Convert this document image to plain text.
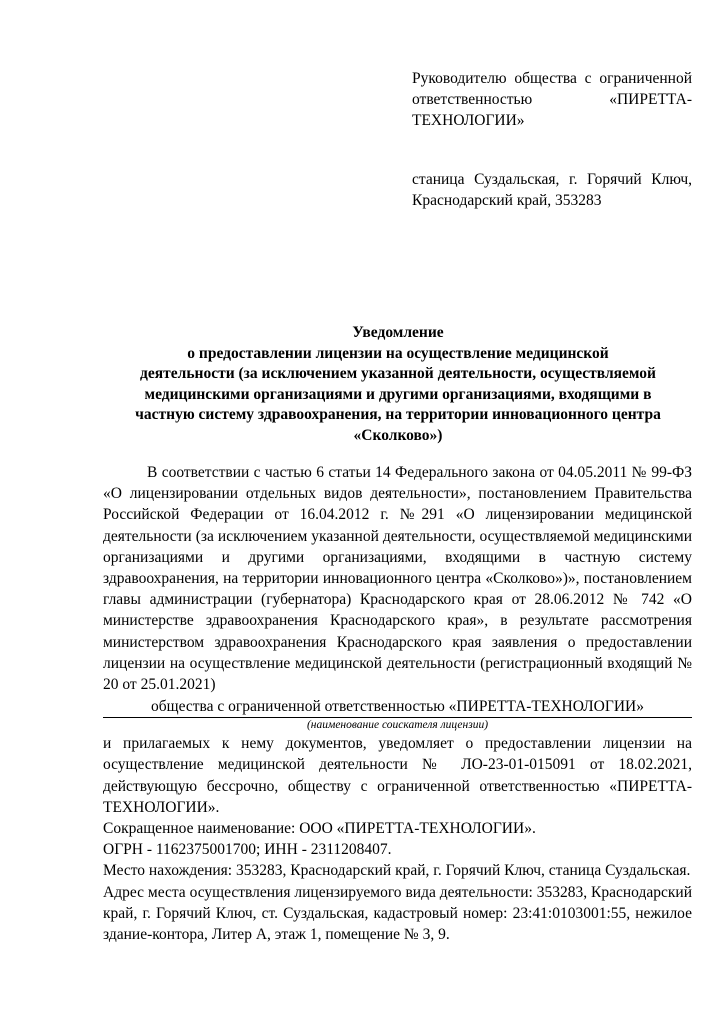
Руководителю общества с ограниченной ответственностью «ПИРЕТТА-ТЕХНОЛОГИИ»
станица Суздальская, г. Горячий Ключ, Краснодарский край, 353283
Уведомление
о предоставлении лицензии на осуществление медицинской
деятельности (за исключением указанной деятельности, осуществляемой
медицинскими организациями и другими организациями, входящими в
частную систему здравоохранения, на территории инновационного центра
«Сколково»)

В соответствии с частью 6 статьи 14 Федерального закона от 04.05.2011 № 99-ФЗ «О лицензировании отдельных видов деятельности», постановлением Правительства Российской Федерации от 16.04.2012 г. №291 «О лицензировании медицинской деятельности (за исключением указанной деятельности, осуществляемой медицинскими организациями и другими организациями, входящими в частную систему здравоохранения, на территории инновационного центра «Сколково»)», постановлением главы администрации (губернатора) Краснодарского края от 28.06.2012 № 742 «О министерстве здравоохранения Краснодарского края», в результате рассмотрения министерством здравоохранения Краснодарского края заявления о предоставлении лицензии на осуществление медицинской деятельности (регистрационный входящий № 20 от 25.01.2021)

общества с ограниченной ответственностью «ПИРЕТТА-ТЕХНОЛОГИИ»
(наименование соискателя лицензии)

и прилагаемых к нему документов, уведомляет о предоставлении лицензии на осуществление медицинской деятельности № ЛО-23-01-015091 от 18.02.2021, действующую бессрочно, обществу с ограниченной ответственностью «ПИРЕТТА-ТЕХНОЛОГИИ».

Сокращенное наименование: ООО «ПИРЕТТА-ТЕХНОЛОГИИ».

ОГРН - 1162375001700; ИНН - 2311208407.

Место нахождения: 353283, Краснодарский край, г. Горячий Ключ, станица Суздальская.

Адрес места осуществления лицензируемого вида деятельности: 353283, Краснодарский край, г. Горячий Ключ, ст. Суздальская, кадастровый номер: 23:41:0103001:55, нежилое здание-контора, Литер А, этаж 1, помещение № 3, 9.
